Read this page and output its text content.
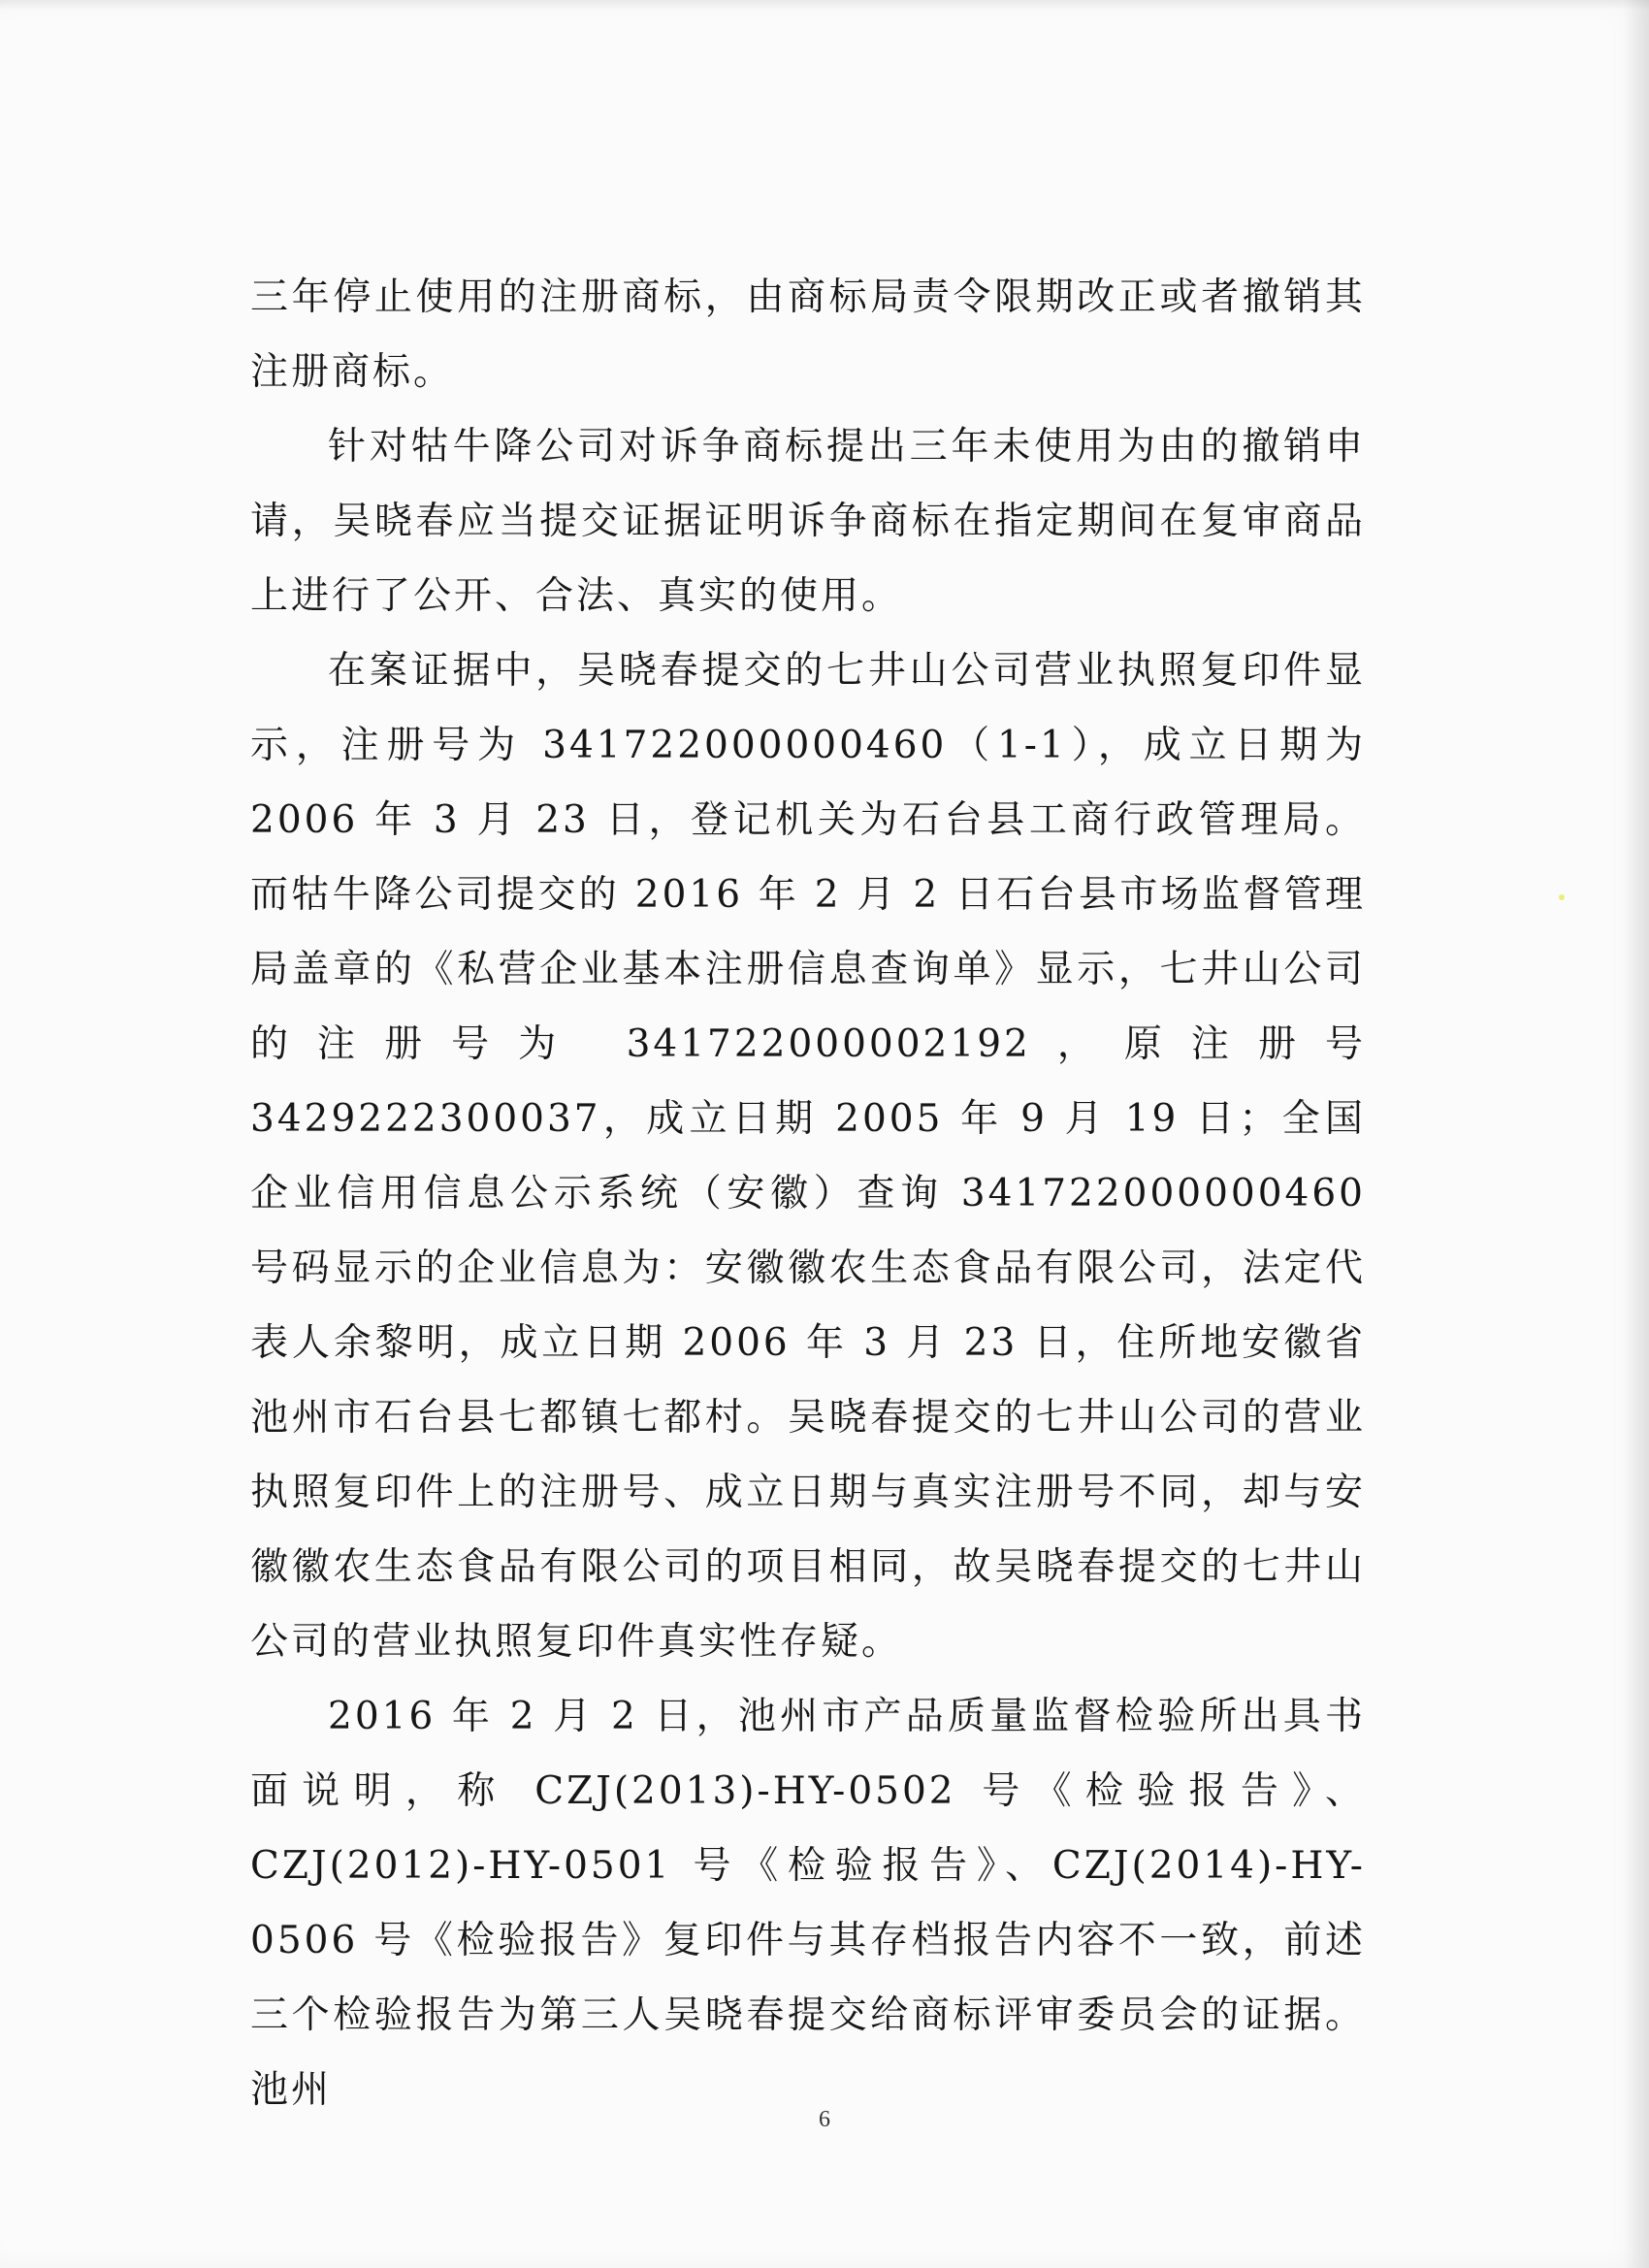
三年停止使用的注册商标，由商标局责令限期改正或者撤销其注册商标。

针对牯牛降公司对诉争商标提出三年未使用为由的撤销申请，吴晓春应当提交证据证明诉争商标在指定期间在复审商品上进行了公开、合法、真实的使用。

在案证据中，吴晓春提交的七井山公司营业执照复印件显示，注册号为 341722000000460（1-1），成立日期为 2006 年 3 月 23 日，登记机关为石台县工商行政管理局。而牯牛降公司提交的 2016 年 2 月 2 日石台县市场监督管理局盖章的《私营企业基本注册信息查询单》显示，七井山公司的注册号为 341722000002192，原注册号 3429222300037，成立日期 2005 年 9 月 19 日；全国企业信用信息公示系统（安徽）查询 341722000000460 号码显示的企业信息为：安徽徽农生态食品有限公司，法定代表人余黎明，成立日期 2006 年 3 月 23 日，住所地安徽省池州市石台县七都镇七都村。吴晓春提交的七井山公司的营业执照复印件上的注册号、成立日期与真实注册号不同，却与安徽徽农生态食品有限公司的项目相同，故吴晓春提交的七井山公司的营业执照复印件真实性存疑。

2016 年 2 月 2 日，池州市产品质量监督检验所出具书面说明，称 CZJ(2013)-HY-0502 号《检验报告》、CZJ(2012)-HY-0501 号《检验报告》、CZJ(2014)-HY-0506 号《检验报告》复印件与其存档报告内容不一致，前述三个检验报告为第三人吴晓春提交给商标评审委员会的证据。池州

6
